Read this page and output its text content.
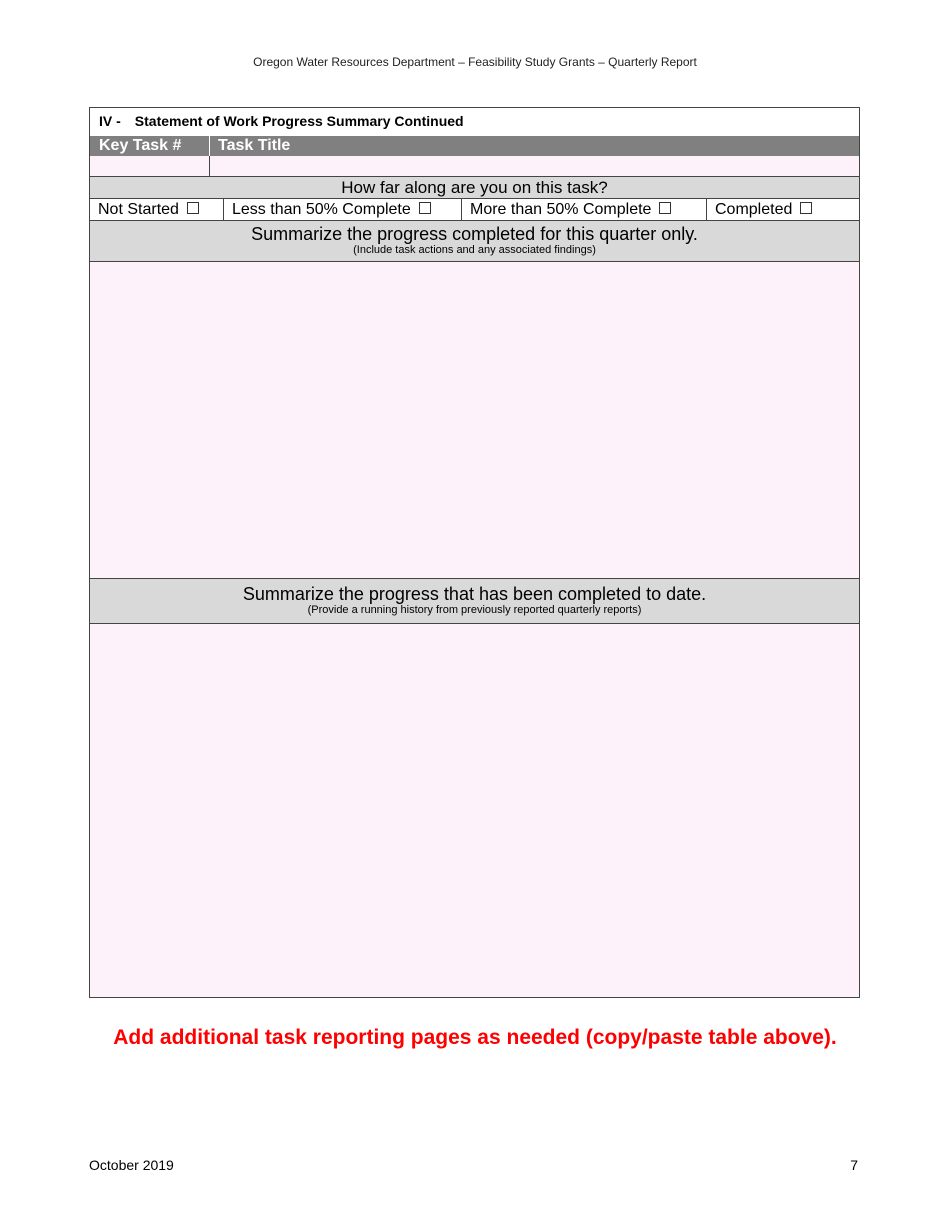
Oregon Water Resources Department – Feasibility Study Grants – Quarterly Report
IV - Statement of Work Progress Summary Continued
Key Task #	Task Title
How far along are you on this task?
Not Started	Less than 50% Complete	More than 50% Complete	Completed
Summarize the progress completed for this quarter only.
(Include task actions and any associated findings)
Summarize the progress that has been completed to date.
(Provide a running history from previously reported quarterly reports)
Add additional task reporting pages as needed (copy/paste table above).
October 2019	7
